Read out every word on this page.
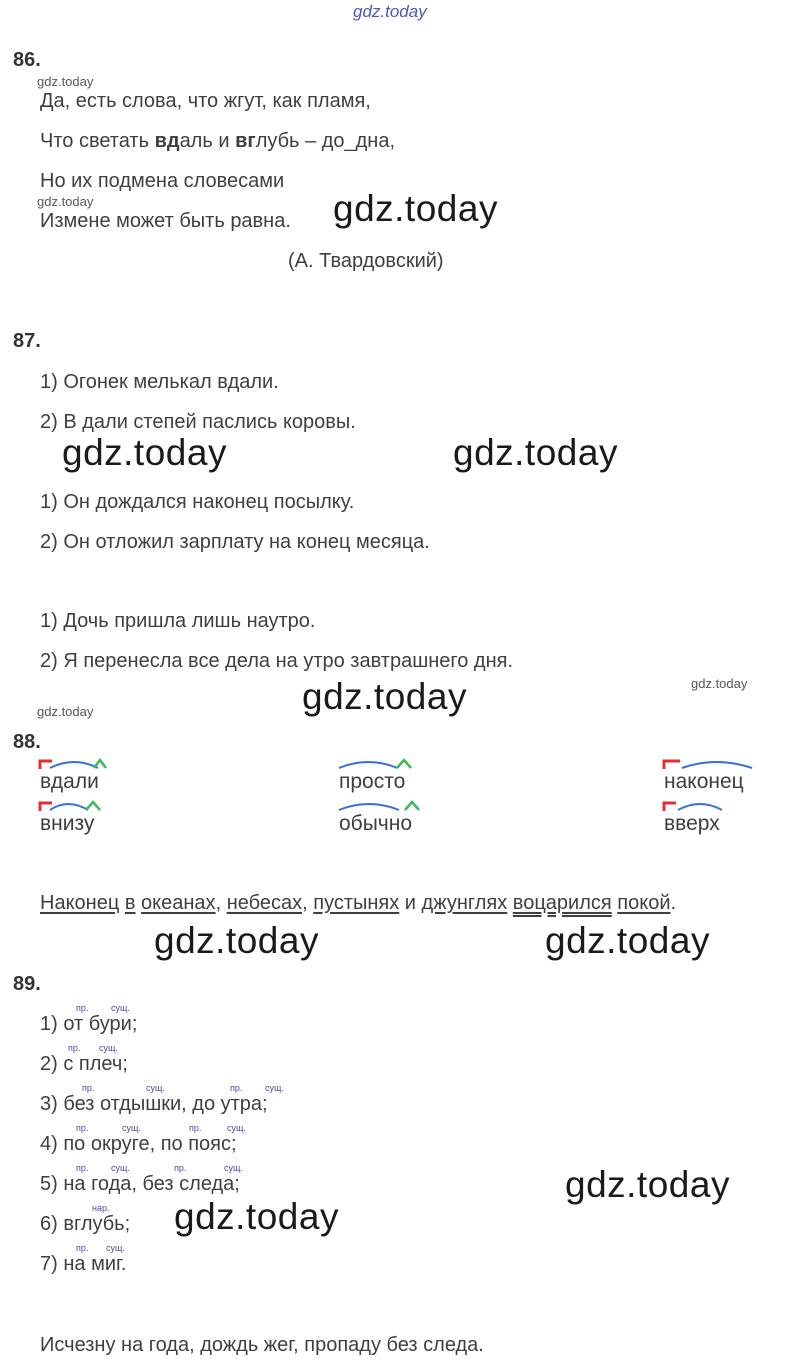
gdz.today
86.
gdz.today
Да, есть слова, что жгут, как пламя,
Что светать вдаль и вглубь – до_дна,
Но их подмена словесами
gdz.today
Измене может быть равна. gdz.today
(А. Твардовский)
87.
1) Огонек мелькал вдали.
2) В дали степей паслись коровы.
gdz.today	gdz.today
1) Он дождался наконец посылку.
2) Он отложил зарплату на конец месяца.
1) Дочь пришла лишь наутро.
2) Я перенесла все дела на утро завтрашнего дня.
gdz.today
gdz.today
gdz.today
88.
вдали
внизу
просто
обычно
наконец
вверх
Наконец в океанах, небесах, пустынях и джунглях воцарился покой.
gdz.today	gdz.today
89.
пр.	сущ.
1) от бури;
пр. сущ.
2) с плеч;
пр.	сущ.	пр.	сущ.
3) без отдышки, до утра;
пр.	сущ.	пр.	сущ.
4) по округе, по пояс;
пр.	сущ.	пр.	сущ.
5) на года, без следа;	gdz.today
нар.
6) вглубь; gdz.today
пр. сущ.
7) на миг.
Исчезну на года, дождь жег, пропаду без следа.
